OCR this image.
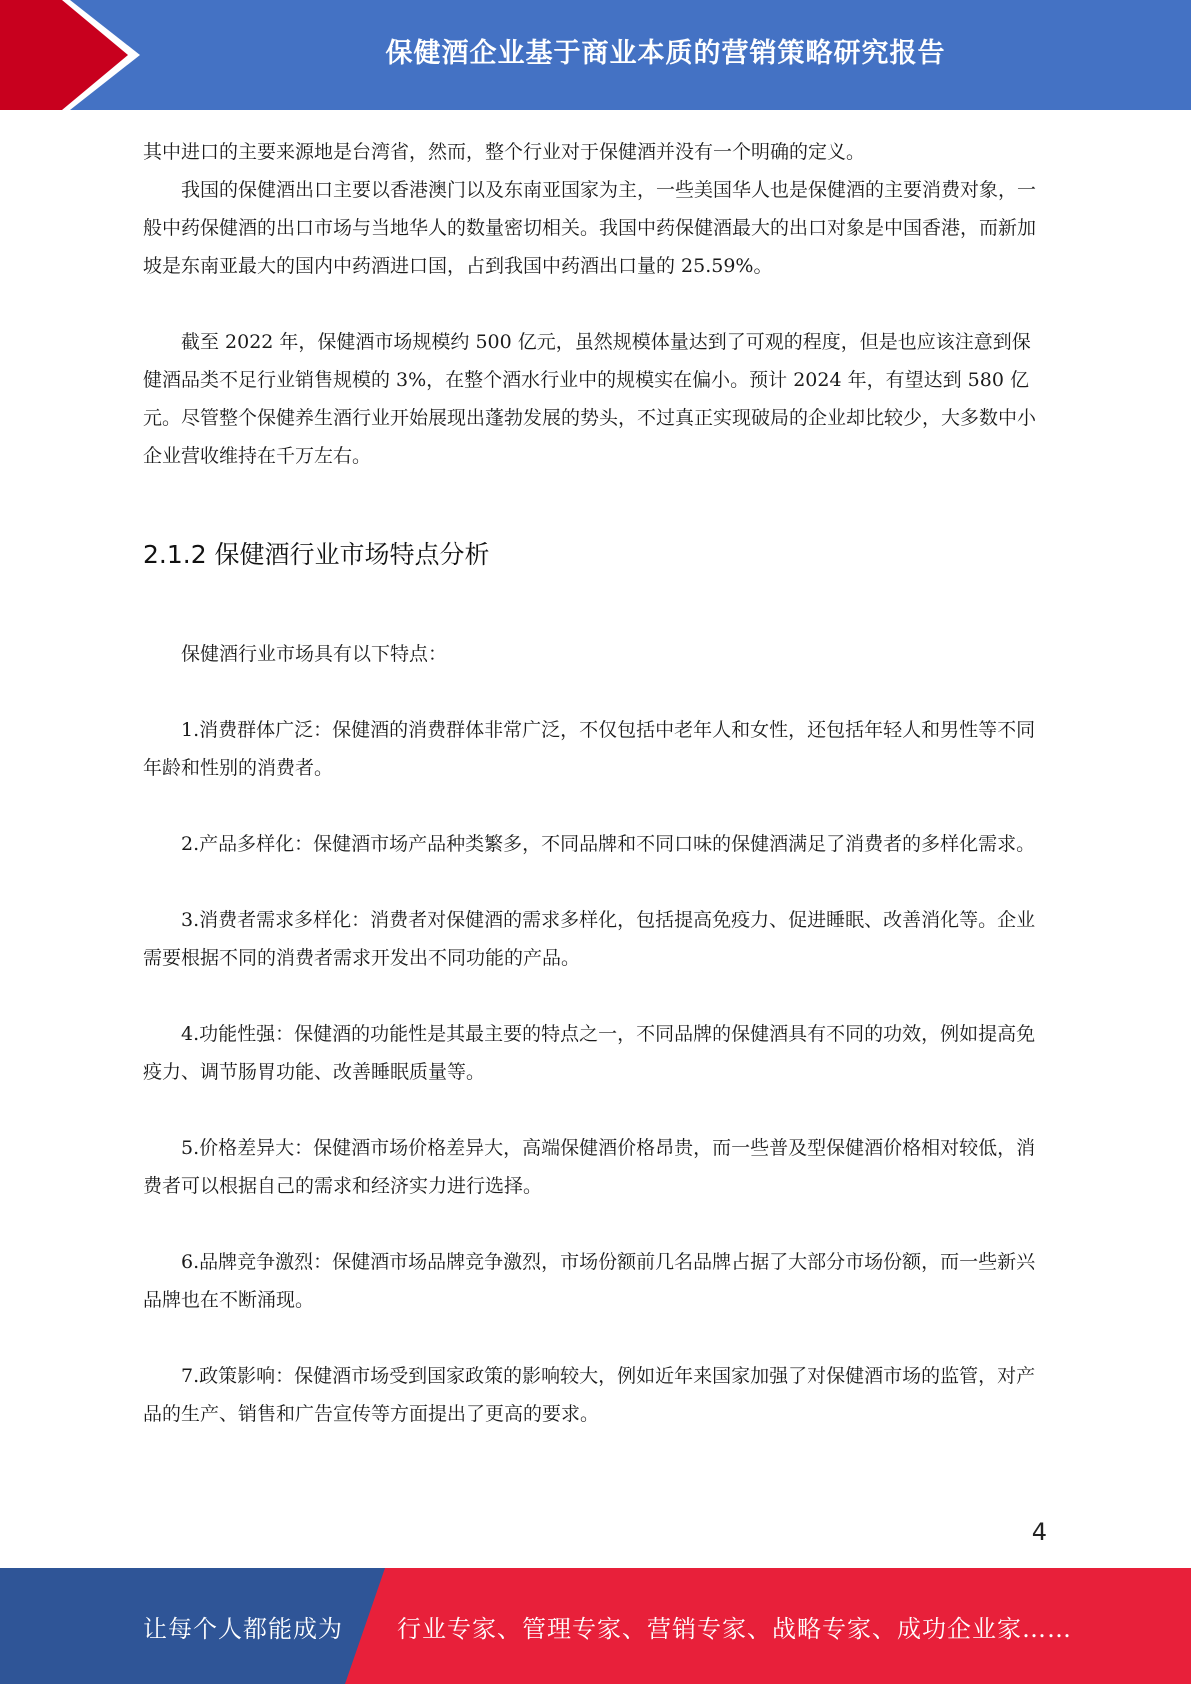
保健酒企业基于商业本质的营销策略研究报告

其中进口的主要来源地是台湾省，然而，整个行业对于保健酒并没有一个明确的定义。

我国的保健酒出口主要以香港澳门以及东南亚国家为主，一些美国华人也是保健酒的主要消费对象，一般中药保健酒的出口市场与当地华人的数量密切相关。我国中药保健酒最大的出口对象是中国香港，而新加坡是东南亚最大的国内中药酒进口国，占到我国中药酒出口量的 25.59%。

截至 2022 年，保健酒市场规模约 500 亿元，虽然规模体量达到了可观的程度，但是也应该注意到保健酒品类不足行业销售规模的 3%，在整个酒水行业中的规模实在偏小。预计 2024 年，有望达到 580 亿元。尽管整个保健养生酒行业开始展现出蓬勃发展的势头，不过真正实现破局的企业却比较少，大多数中小企业营收维持在千万左右。

2.1.2 保健酒行业市场特点分析

保健酒行业市场具有以下特点：

1.消费群体广泛：保健酒的消费群体非常广泛，不仅包括中老年人和女性，还包括年轻人和男性等不同年龄和性别的消费者。

2.产品多样化：保健酒市场产品种类繁多，不同品牌和不同口味的保健酒满足了消费者的多样化需求。

3.消费者需求多样化：消费者对保健酒的需求多样化，包括提高免疫力、促进睡眠、改善消化等。企业需要根据不同的消费者需求开发出不同功能的产品。

4.功能性强：保健酒的功能性是其最主要的特点之一，不同品牌的保健酒具有不同的功效，例如提高免疫力、调节肠胃功能、改善睡眠质量等。

5.价格差异大：保健酒市场价格差异大，高端保健酒价格昂贵，而一些普及型保健酒价格相对较低，消费者可以根据自己的需求和经济实力进行选择。

6.品牌竞争激烈：保健酒市场品牌竞争激烈，市场份额前几名品牌占据了大部分市场份额，而一些新兴品牌也在不断涌现。

7.政策影响：保健酒市场受到国家政策的影响较大，例如近年来国家加强了对保健酒市场的监管，对产品的生产、销售和广告宣传等方面提出了更高的要求。

4
让每个人都能成为 行业专家、管理专家、营销专家、战略专家、成功企业家……
